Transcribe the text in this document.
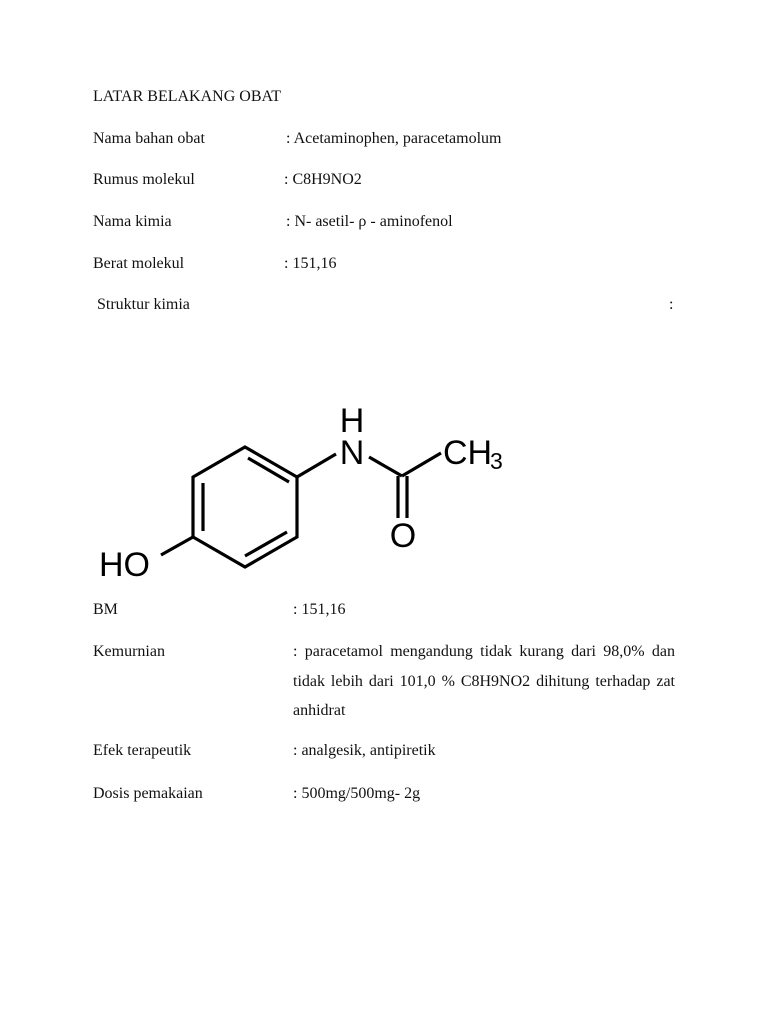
LATAR BELAKANG OBAT
Nama bahan obat	: Acetaminophen, paracetamolum
Rumus molekul	: C8H9NO2
Nama kimia	: N- asetil- ρ - aminofenol
Berat molekul	: 151,16
Struktur kimia	:
H
N CH
3
O
HO
BM	: 151,16
Kemurnian	: paracetamol mengandung tidak kurang dari 98,0% dan tidak lebih dari 101,0 % C8H9NO2 dihitung terhadap zat anhidrat
Efek terapeutik	: analgesik, antipiretik
Dosis pemakaian	: 500mg/500mg- 2g
